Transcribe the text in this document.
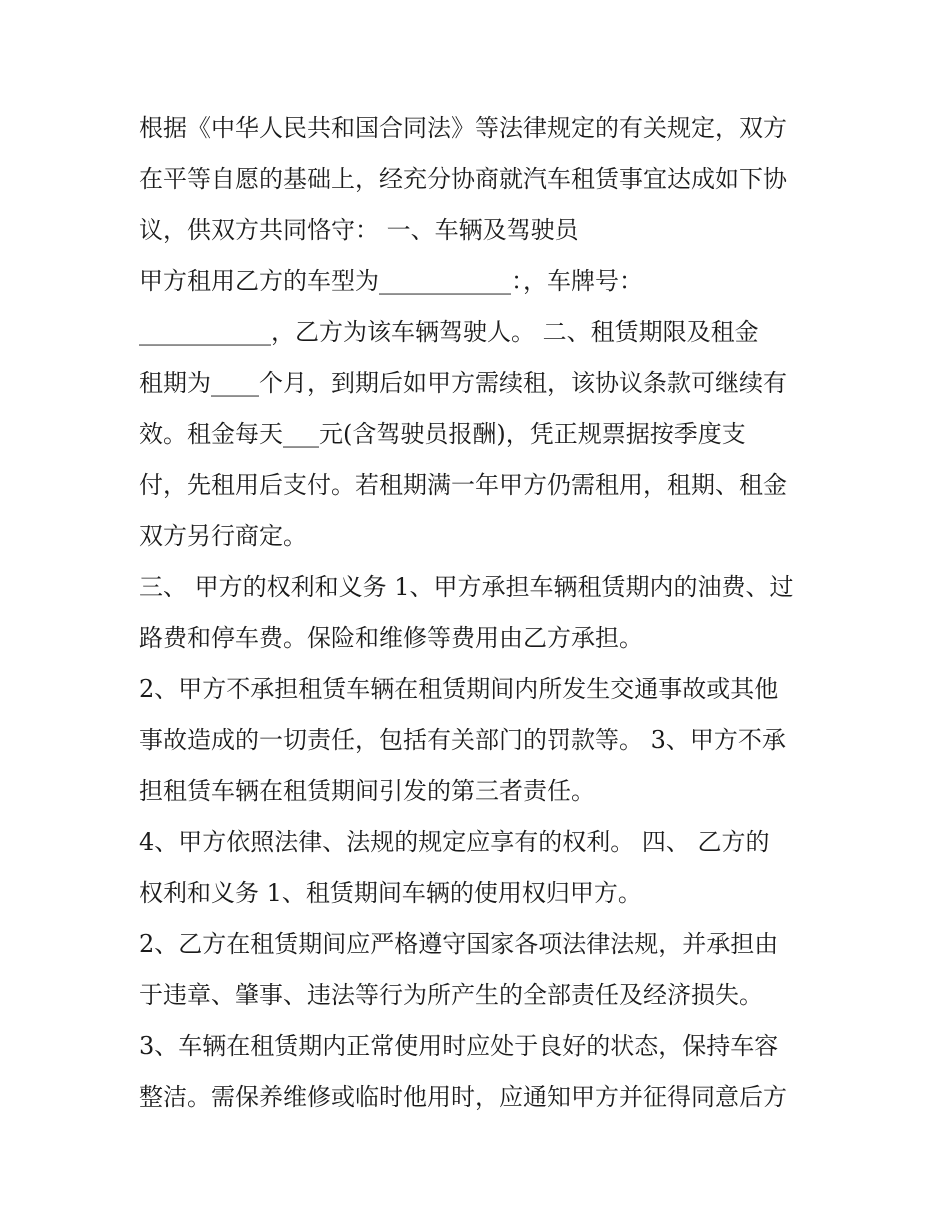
根据《中华人民共和国合同法》等法律规定的有关规定，双方
在平等自愿的基础上，经充分协商就汽车租赁事宜达成如下协
议，供双方共同恪守： 一、车辆及驾驶员
甲方租用乙方的车型为___________：，车牌号：
___________，乙方为该车辆驾驶人。 二、租赁期限及租金
租期为____个月，到期后如甲方需续租，该协议条款可继续有
效。租金每天___元(含驾驶员报酬)，凭正规票据按季度支
付，先租用后支付。若租期满一年甲方仍需租用，租期、租金
双方另行商定。
三、 甲方的权利和义务 1、甲方承担车辆租赁期内的油费、过
路费和停车费。保险和维修等费用由乙方承担。
2、甲方不承担租赁车辆在租赁期间内所发生交通事故或其他
事故造成的一切责任，包括有关部门的罚款等。 3、甲方不承
担租赁车辆在租赁期间引发的第三者责任。
4、甲方依照法律、法规的规定应享有的权利。 四、 乙方的
权利和义务 1、租赁期间车辆的使用权归甲方。
2、乙方在租赁期间应严格遵守国家各项法律法规，并承担由
于违章、肇事、违法等行为所产生的全部责任及经济损失。
3、车辆在租赁期内正常使用时应处于良好的状态，保持车容
整洁。需保养维修或临时他用时，应通知甲方并征得同意后方
